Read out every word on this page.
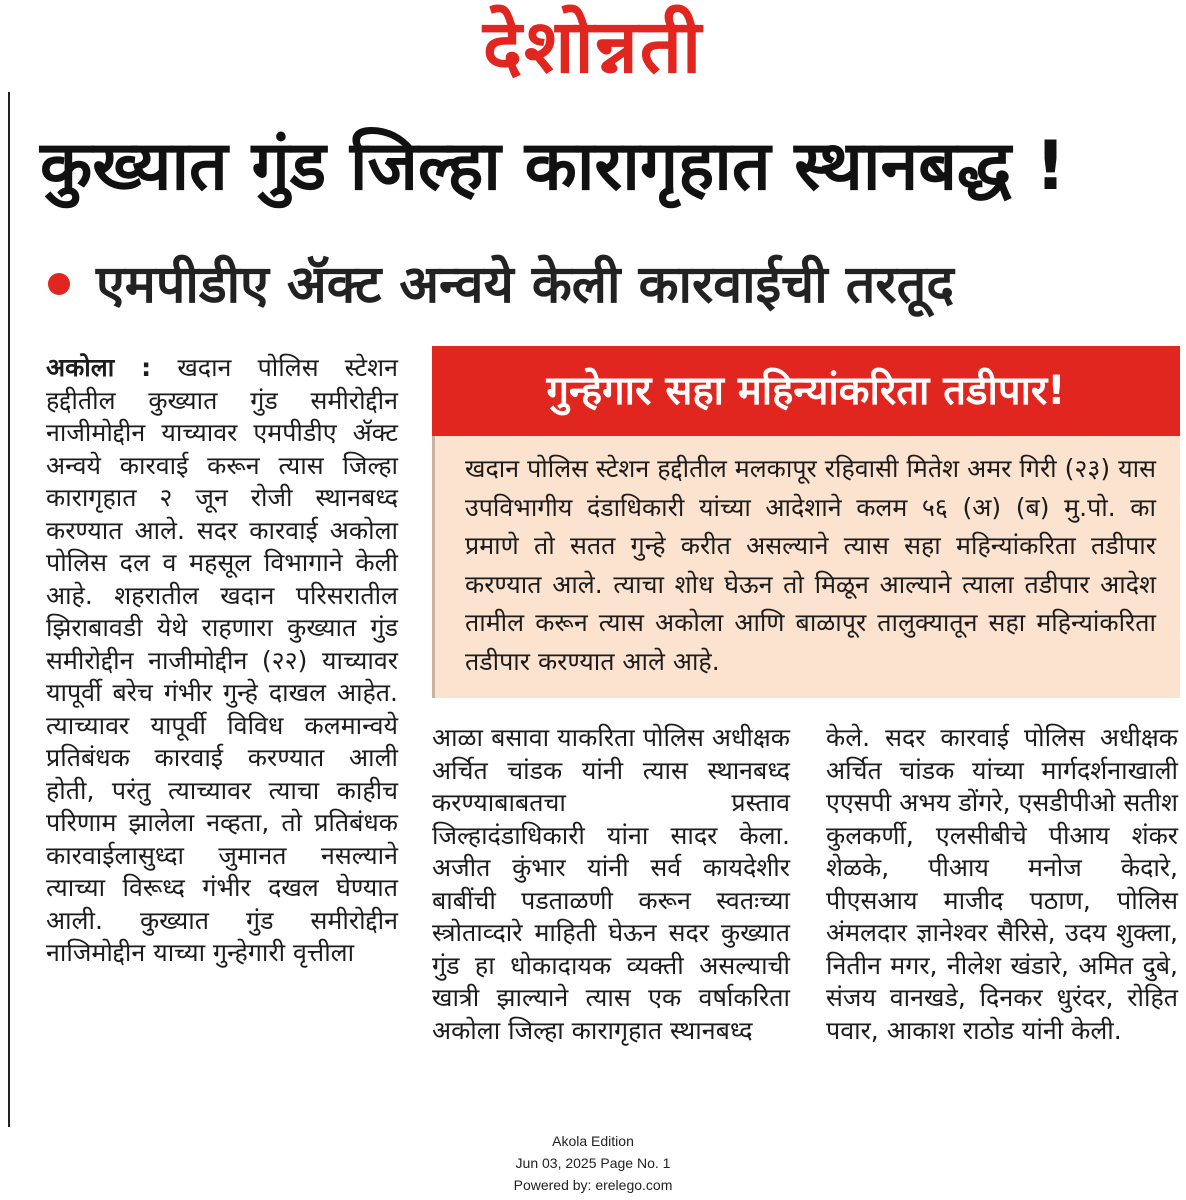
देशोन्नती
कुख्यात गुंड जिल्हा कारागृहात स्थानबद्ध !
एमपीडीए ॲक्ट अन्वये केली कारवाईची तरतूद
अकोला : खदान पोलिस स्टेशन हद्दीतील कुख्यात गुंड समीरोद्दीन नाजीमोद्दीन याच्यावर एमपीडीए ॲक्ट अन्वये कारवाई करून त्यास जिल्हा कारागृहात २ जून रोजी स्थानबध्द करण्यात आले. सदर कारवाई अकोला पोलिस दल व महसूल विभागाने केली आहे. शहरातील खदान परिसरातील झिराबावडी येथे राहणारा कुख्यात गुंड समीरोद्दीन नाजीमोद्दीन (२२) याच्यावर यापूर्वी बरेच गंभीर गुन्हे दाखल आहेत. त्याच्यावर यापूर्वी विविध कलमान्वये प्रतिबंधक कारवाई करण्यात आली होती, परंतु त्याच्यावर त्याचा काहीच परिणाम झालेला नव्हता, तो प्रतिबंधक कारवाईलासुध्दा जुमानत नसल्याने त्याच्या विरूध्द गंभीर दखल घेण्यात आली. कुख्यात गुंड समीरोद्दीन नाजिमोद्दीन याच्या गुन्हेगारी वृत्तीला
गुन्हेगार सहा महिन्यांकरिता तडीपार!
खदान पोलिस स्टेशन हद्दीतील मलकापूर रहिवासी मितेश अमर गिरी (२३) यास उपविभागीय दंडाधिकारी यांच्या आदेशाने कलम ५६ (अ) (ब) मु.पो. का प्रमाणे तो सतत गुन्हे करीत असल्याने त्यास सहा महिन्यांकरिता तडीपार करण्यात आले. त्याचा शोध घेऊन तो मिळून आल्याने त्याला तडीपार आदेश तामील करून त्यास अकोला आणि बाळापूर तालुक्यातून सहा महिन्यांकरिता तडीपार करण्यात आले आहे.
आळा बसावा याकरिता पोलिस अधीक्षक अर्चित चांडक यांनी त्यास स्थानबध्द करण्याबाबतचा प्रस्ताव जिल्हादंडाधिकारी यांना सादर केला. अजीत कुंभार यांनी सर्व कायदेशीर बाबींची पडताळणी करून स्वतःच्या स्त्रोताव्दारे माहिती घेऊन सदर कुख्यात गुंड हा धोकादायक व्यक्ती असल्याची खात्री झाल्याने त्यास एक वर्षाकरिता अकोला जिल्हा कारागृहात स्थानबध्द
केले. सदर कारवाई पोलिस अधीक्षक अर्चित चांडक यांच्या मार्गदर्शनाखाली एएसपी अभय डोंगरे, एसडीपीओ सतीश कुलकर्णी, एलसीबीचे पीआय शंकर शेळके, पीआय मनोज केदारे, पीएसआय माजीद पठाण, पोलिस अंमलदार ज्ञानेश्वर सैरिसे, उदय शुक्ला, नितीन मगर, नीलेश खंडारे, अमित दुबे, संजय वानखडे, दिनकर धुरंदर, रोहित पवार, आकाश राठोड यांनी केली.
Akola Edition
Jun 03, 2025 Page No. 1
Powered by: erelego.com
